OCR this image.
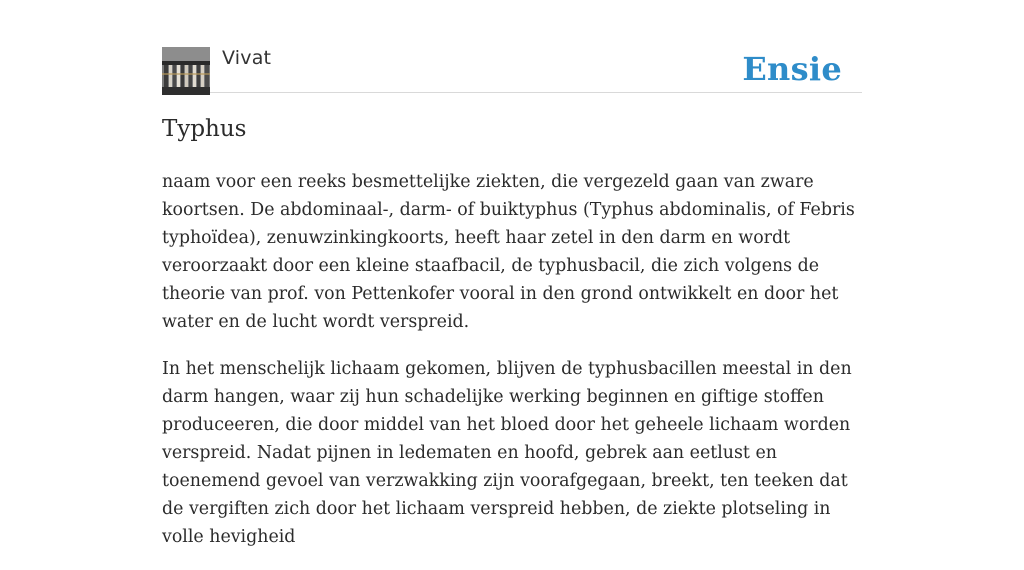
Vivat	Ensie
Typhus

naam voor een reeks besmettelijke ziekten, die vergezeld gaan van zware koortsen. De abdominaal-, darm- of buiktyphus (Typhus abdominalis, of Febris typhoïdea), zenuwzinkingkoorts, heeft haar zetel in den darm en wordt veroorzaakt door een kleine staafbacil, de typhusbacil, die zich volgens de theorie van prof. von Pettenkofer vooral in den grond ontwikkelt en door het water en de lucht wordt verspreid.

In het menschelijk lichaam gekomen, blijven de typhusbacillen meestal in den darm hangen, waar zij hun schadelijke werking beginnen en giftige stoffen produceeren, die door middel van het bloed door het geheele lichaam worden verspreid. Nadat pijnen in ledematen en hoofd, gebrek aan eetlust en toenemend gevoel van verzwakking zijn voorafgegaan, breekt, ten teeken dat de vergiften zich door het lichaam verspreid hebben, de ziekte plotseling in volle hevigheid
